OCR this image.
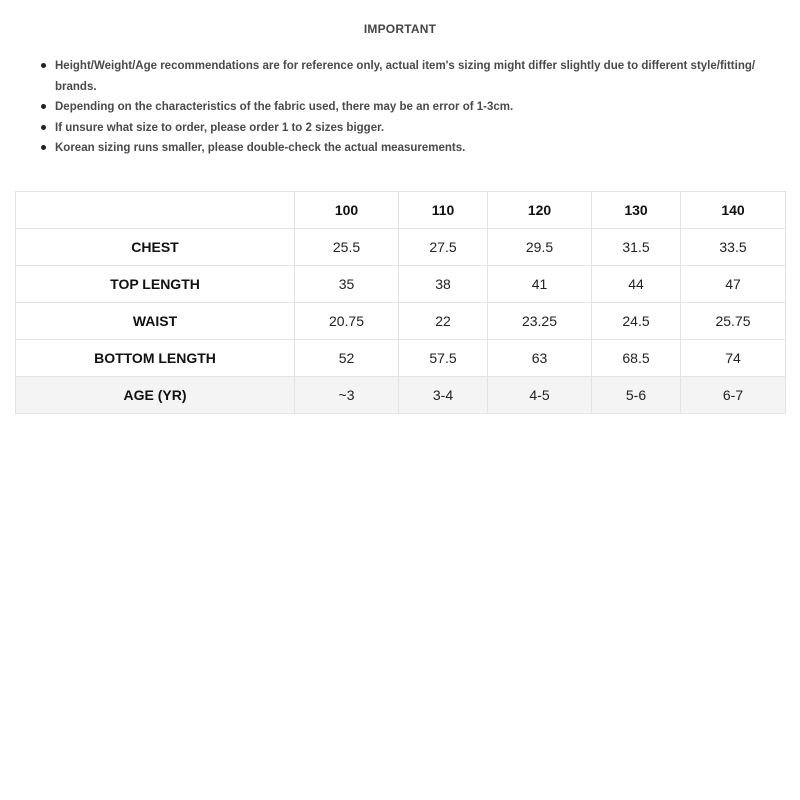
IMPORTANT
Height/Weight/Age recommendations are for reference only, actual item's sizing might differ slightly due to different style/fitting/ brands.
Depending on the characteristics of the fabric used, there may be an error of 1-3cm.
If unsure what size to order, please order 1 to 2 sizes bigger.
Korean sizing runs smaller, please double-check the actual measurements.
	100	110	120	130	140
CHEST	25.5	27.5	29.5	31.5	33.5
TOP LENGTH	35	38	41	44	47
WAIST	20.75	22	23.25	24.5	25.75
BOTTOM LENGTH	52	57.5	63	68.5	74
AGE (YR)	~3	3-4	4-5	5-6	6-7
